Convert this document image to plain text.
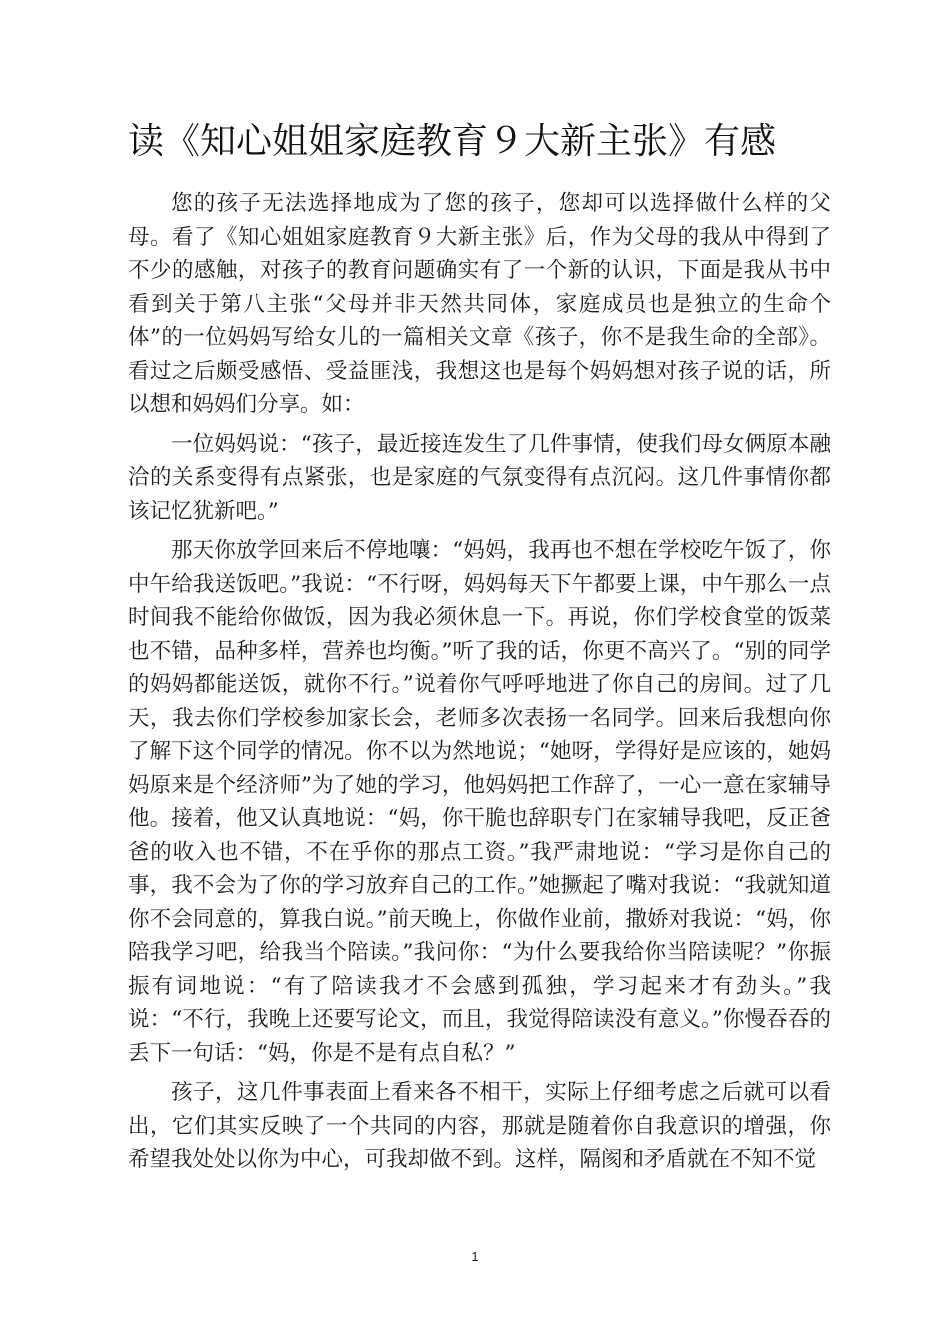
读《知心姐姐家庭教育９大新主张》有感

您的孩子无法选择地成为了您的孩子，您却可以选择做什么样的父母。看了《知心姐姐家庭教育９大新主张》后，作为父母的我从中得到了不少的感触，对孩子的教育问题确实有了一个新的认识，下面是我从书中看到关于第八主张“父母并非天然共同体，家庭成员也是独立的生命个体”的一位妈妈写给女儿的一篇相关文章《孩子，你不是我生命的全部》。看过之后颇受感悟、受益匪浅，我想这也是每个妈妈想对孩子说的话，所以想和妈妈们分享。如：

一位妈妈说：“孩子，最近接连发生了几件事情，使我们母女俩原本融洽的关系变得有点紧张，也是家庭的气氛变得有点沉闷。这几件事情你都该记忆犹新吧。”

那天你放学回来后不停地嚷：“妈妈，我再也不想在学校吃午饭了，你中午给我送饭吧。”我说：“不行呀，妈妈每天下午都要上课，中午那么一点时间我不能给你做饭，因为我必须休息一下。再说，你们学校食堂的饭菜也不错，品种多样，营养也均衡。”听了我的话，你更不高兴了。“别的同学的妈妈都能送饭，就你不行。”说着你气呼呼地进了你自己的房间。过了几天，我去你们学校参加家长会，老师多次表扬一名同学。回来后我想向你了解下这个同学的情况。你不以为然地说；“她呀，学得好是应该的，她妈妈原来是个经济师”为了她的学习，他妈妈把工作辞了，一心一意在家辅导他。接着，他又认真地说：“妈，你干脆也辞职专门在家辅导我吧，反正爸爸的收入也不错，不在乎你的那点工资。”我严肃地说：“学习是你自己的事，我不会为了你的学习放弃自己的工作。”她撅起了嘴对我说：“我就知道你不会同意的，算我白说。”前天晚上，你做作业前，撒娇对我说：“妈，你陪我学习吧，给我当个陪读。”我问你：“为什么要我给你当陪读呢？”你振振有词地说：“有了陪读我才不会感到孤独，学习起来才有劲头。”我说：“不行，我晚上还要写论文，而且，我觉得陪读没有意义。”你慢吞吞的丢下一句话：“妈，你是不是有点自私？”

孩子，这几件事表面上看来各不相干，实际上仔细考虑之后就可以看出，它们其实反映了一个共同的内容，那就是随着你自我意识的增强，你希望我处处以你为中心，可我却做不到。这样，隔阂和矛盾就在不知不觉

1
